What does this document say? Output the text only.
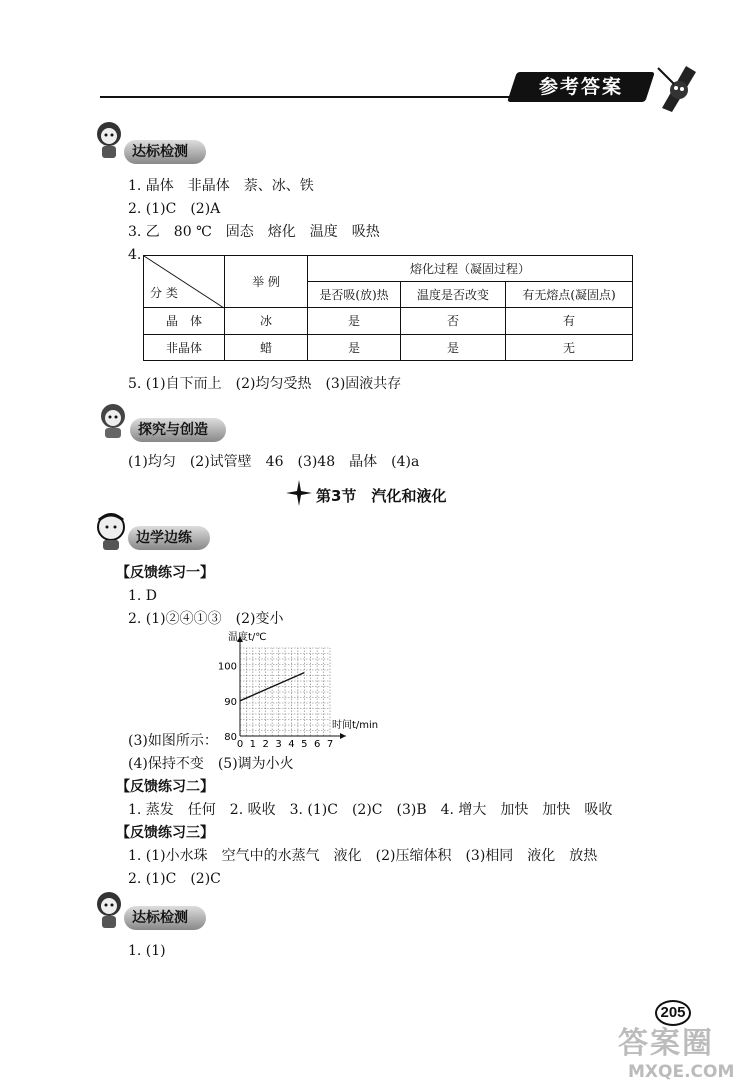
参考答案
达标检测
1. 晶体　非晶体　萘、冰、铁
2. (1)C　(2)A
3. 乙　80 ℃　固态　熔化　温度　吸热
4.
分 类	举 例	熔化过程（凝固过程）		
		是否吸(放)热	温度是否改变	有无熔点(凝固点)
晶　体	冰	是	否	有
非晶体	蜡	是	是	无
5. (1)自下而上　(2)均匀受热　(3)固液共存
探究与创造
(1)均匀　(2)试管壁　46　(3)48　晶体　(4)a
第3节　汽化和液化
边学边练
【反馈练习一】
1. D
2. (1)②④①③　(2)变小
0 1 2 3 4 5 6 7
80
90
100
温度t/℃
时间t/min
(3)如图所示：
(4)保持不变　(5)调为小火
【反馈练习二】
1. 蒸发　任何　2. 吸收　3. (1)C　(2)C　(3)B　4. 增大　加快　加快　吸收
【反馈练习三】
1. (1)小水珠　空气中的水蒸气　液化　(2)压缩体积　(3)相同　液化　放热
2. (1)C　(2)C
达标检测
1. (1)
205
答案圈
MXQE.COM
